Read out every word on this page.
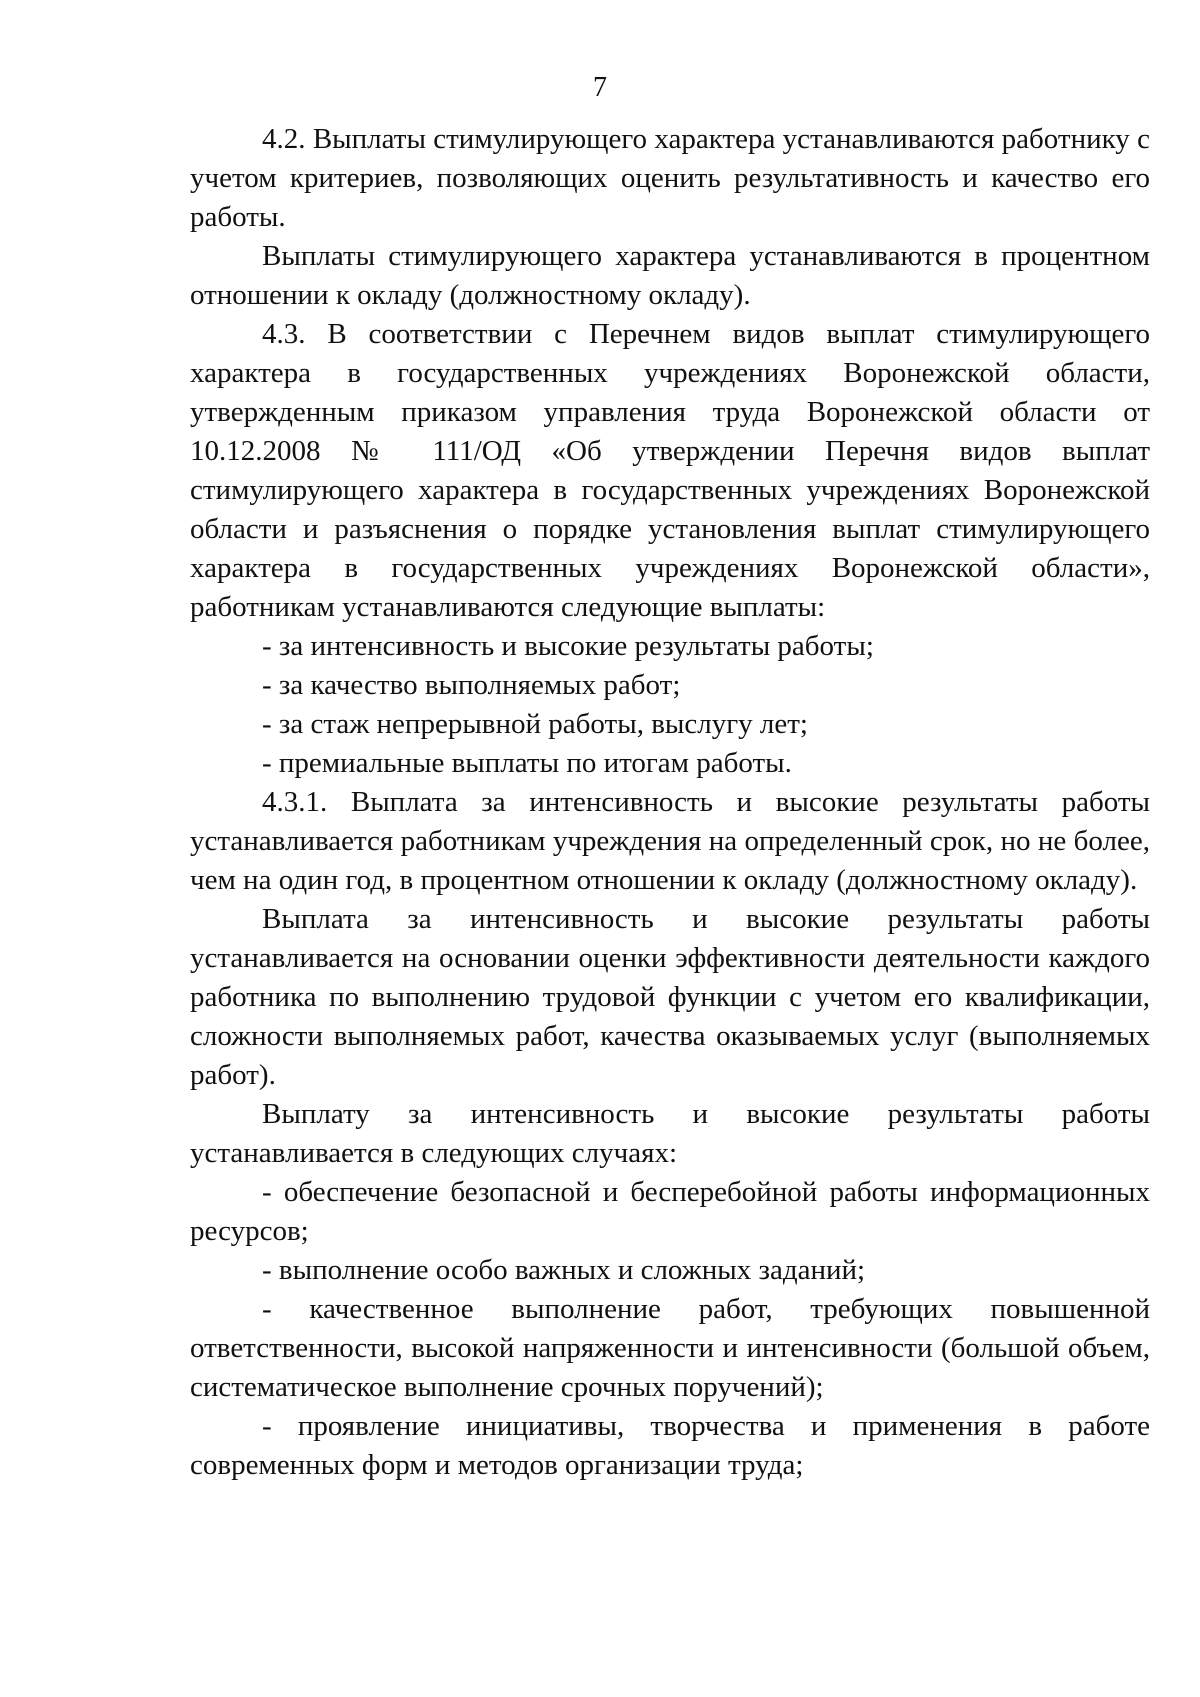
7

4.2. Выплаты стимулирующего характера устанавливаются работнику с учетом критериев, позволяющих оценить результативность и качество его работы.

Выплаты стимулирующего характера устанавливаются в процентном отношении к окладу (должностному окладу).

4.3. В соответствии с Перечнем видов выплат стимулирующего характера в государственных учреждениях Воронежской области, утвержденным приказом управления труда Воронежской области от 10.12.2008 № 111/ОД «Об утверждении Перечня видов выплат стимулирующего характера в государственных учреждениях Воронежской области и разъяснения о порядке установления выплат стимулирующего характера в государственных учреждениях Воронежской области», работникам устанавливаются следующие выплаты:

- за интенсивность и высокие результаты работы;

- за качество выполняемых работ;

- за стаж непрерывной работы, выслугу лет;

- премиальные выплаты по итогам работы.

4.3.1. Выплата за интенсивность и высокие результаты работы устанавливается работникам учреждения на определенный срок, но не более, чем на один год, в процентном отношении к окладу (должностному окладу).

Выплата за интенсивность и высокие результаты работы устанавливается на основании оценки эффективности деятельности каждого работника по выполнению трудовой функции с учетом его квалификации, сложности выполняемых работ, качества оказываемых услуг (выполняемых работ).

Выплату за интенсивность и высокие результаты работы устанавливается в следующих случаях:

- обеспечение безопасной и бесперебойной работы информационных ресурсов;

- выполнение особо важных и сложных заданий;

- качественное выполнение работ, требующих повышенной ответственности, высокой напряженности и интенсивности (большой объем, систематическое выполнение срочных поручений);

- проявление инициативы, творчества и применения в работе современных форм и методов организации труда;
